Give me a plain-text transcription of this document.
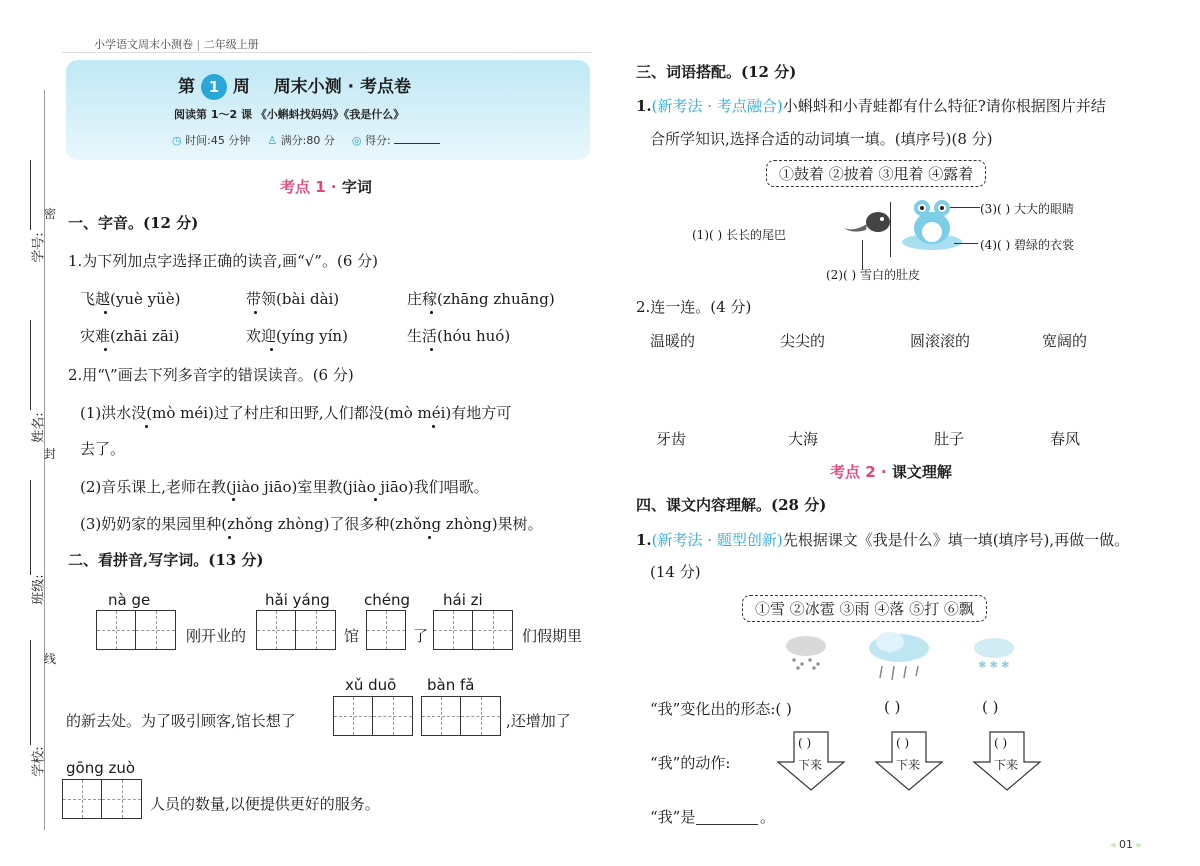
密
封
线
学号:
姓名:
班级:
学校:
小学语文周末小测卷 | 二年级上册
第 1 周 周末小测 · 考点卷
阅读第 1～2 课 《小蝌蚪找妈妈》《我是什么》
◷ 时间:45 分钟 ♙ 满分:80 分 ◎ 得分:
考点 1 · 字词
一、字音。(12 分)
1.为下列加点字选择正确的读音,画“√”。(6 分)
飞越(yuè yüè)	带领(bài dài)	庄稼(zhāng zhuāng)
灾难(zhāi zāi)	欢迎(yíng yín)	生活(hóu huó)
2.用“\”画去下列多音字的错误读音。(6 分)
(1)洪水没(mò méi)过了村庄和田野,人们都没(mò méi)有地方可
去了。
(2)音乐课上,老师在教(jiào jiāo)室里教(jiào jiāo)我们唱歌。
(3)奶奶家的果园里种(zhǒng zhòng)了很多种(zhǒng zhòng)果树。
二、看拼音,写字词。(13 分)
nà ge
刚开业的
hǎi yáng
馆
chéng
了
hái zi
们假期里
xǔ duō bàn fǎ
的新去处。为了吸引顾客,馆长想了	,还增加了
gōng zuò
人员的数量,以便提供更好的服务。
三、词语搭配。(12 分)
1.(新考法 · 考点融合)小蝌蚪和小青蛙都有什么特征?请你根据图片并结
合所学知识,选择合适的动词填一填。(填序号)(8 分)
①鼓着 ②披着 ③甩着 ④露着
(1)( ) 长长的尾巴
(2)( ) 雪白的肚皮
(3)( ) 大大的眼睛
(4)( ) 碧绿的衣裳
2.连一连。(4 分)
温暖的	尖尖的	圆滚滚的	宽阔的
牙齿	大海	肚子	春风
考点 2 · 课文理解
四、课文内容理解。(28 分)
1.(新考法 · 题型创新)先根据课文《我是什么》填一填(填序号),再做一做。
(14 分)
①雪 ②冰雹 ③雨 ④落 ⑤打 ⑥飘
✱ ✱ ✱
“我”变化出的形态:( )	( )	( )
“我”的动作:
( )
下来
( )
下来
( )
下来
“我”是	。
◂ 01 ▸
